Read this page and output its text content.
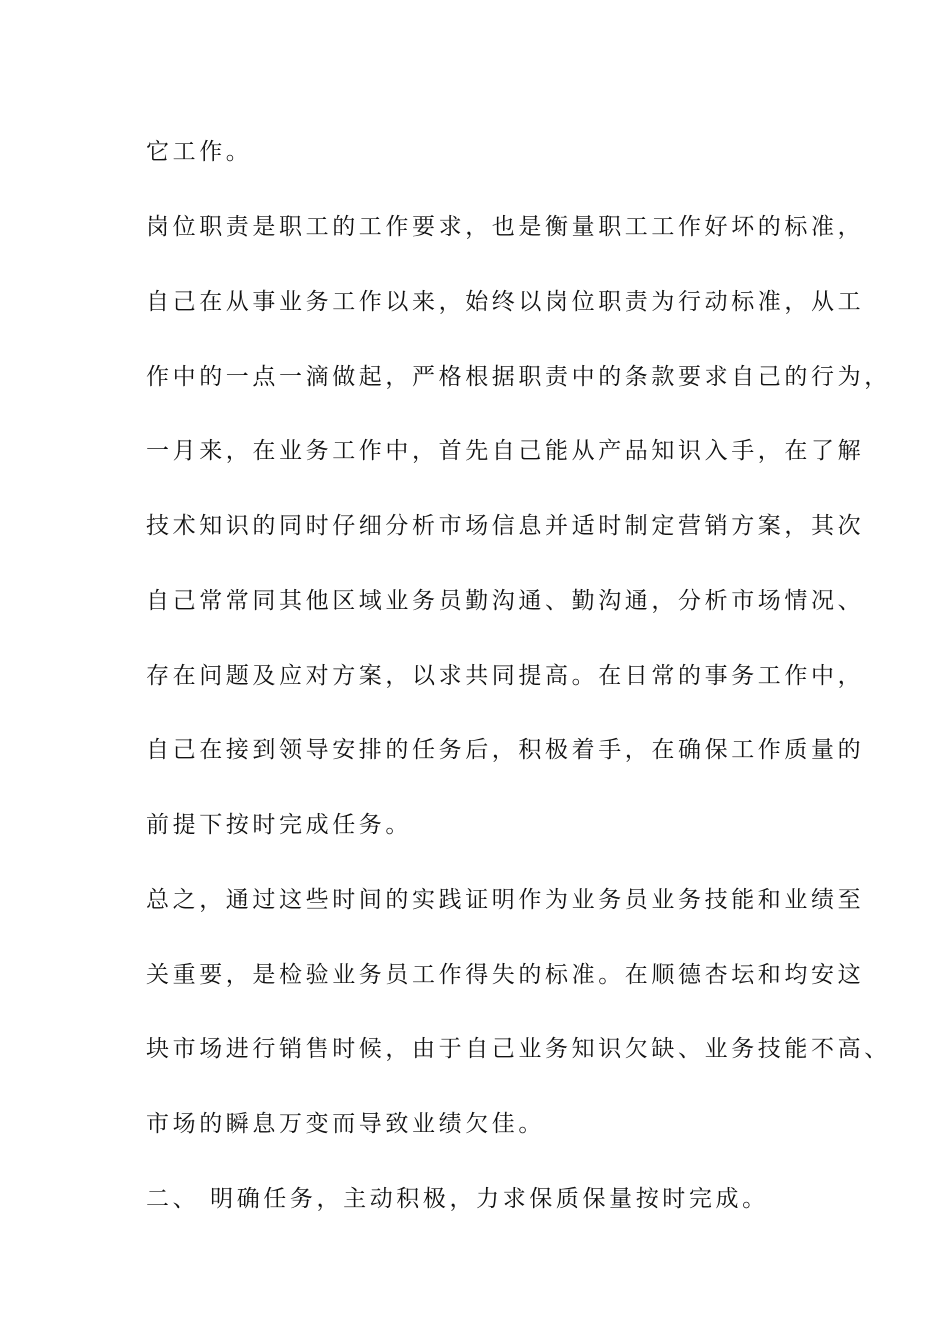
它工作。
岗位职责是职工的工作要求，也是衡量职工工作好坏的标准，
自己在从事业务工作以来，始终以岗位职责为行动标准，从工
作中的一点一滴做起，严格根据职责中的条款要求自己的行为，
一月来，在业务工作中，首先自己能从产品知识入手，在了解
技术知识的同时仔细分析市场信息并适时制定营销方案，其次
自己常常同其他区域业务员勤沟通、勤沟通，分析市场情况、
存在问题及应对方案，以求共同提高。在日常的事务工作中，
自己在接到领导安排的任务后，积极着手，在确保工作质量的
前提下按时完成任务。
总之，通过这些时间的实践证明作为业务员业务技能和业绩至
关重要，是检验业务员工作得失的标准。在顺德杏坛和均安这
块市场进行销售时候，由于自己业务知识欠缺、业务技能不高、
市场的瞬息万变而导致业绩欠佳。
二、 明确任务，主动积极，力求保质保量按时完成。
